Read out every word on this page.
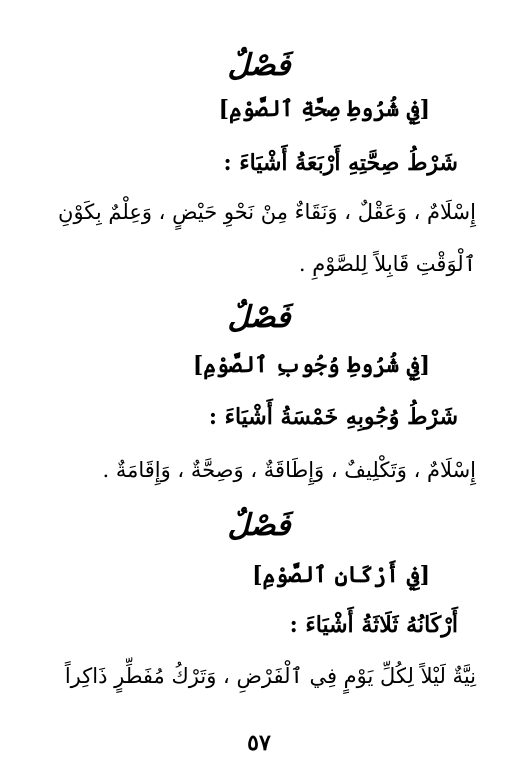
فَصْلٌ
[فِي شُرُوطِ صِحَّةِ ٱلصَّوْمِ]
شَرْطُ صِحَّتِهِ أَرْبَعَةُ أَشْيَاءَ :
إِسْلَامٌ ، وَعَقْلٌ ، وَنَقَاءٌ مِنْ نَحْوِ حَيْضٍ ، وَعِلْمٌ بِكَوْنِ
ٱلْوَقْتِ قَابِلاً لِلصَّوْمِ .
فَصْلٌ
[فِي شُرُوطِ وُجُوبِ ٱلصَّوْمِ]
شَرْطُ وُجُوبِهِ خَمْسَةُ أَشْيَاءَ :
إِسْلَامٌ ، وَتَكْلِيفٌ ، وَإِطَاقَةٌ ، وَصِحَّةٌ ، وَإِقَامَةٌ .
فَصْلٌ
[فِي أَرْكَانِ ٱلصَّوْمِ]
أَرْكَانُهُ ثَلَاثَةُ أَشْيَاءَ :
نِيَّةٌ لَيْلاً لِكُلِّ يَوْمٍ فِي ٱلْفَرْضِ ، وَتَرْكُ مُفَطِّرٍ ذَاكِراً
٥٧
